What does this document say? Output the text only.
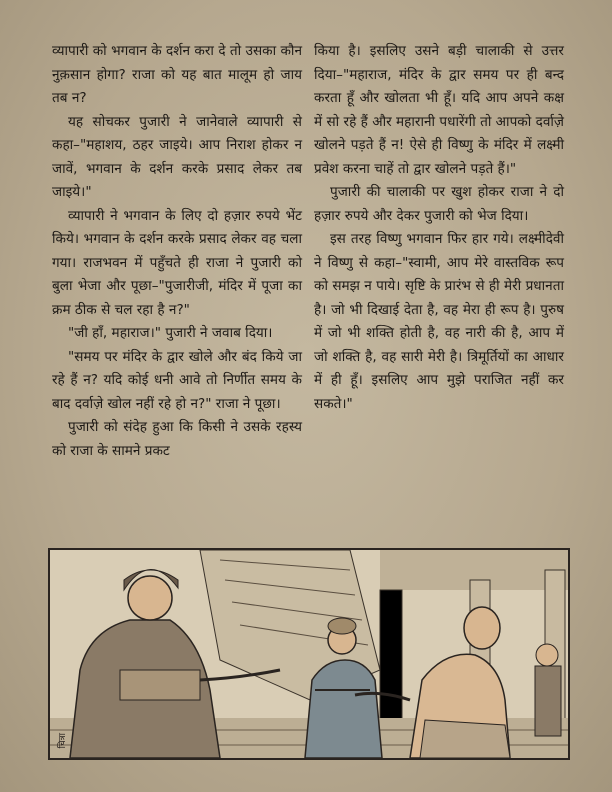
व्यापारी को भगवान के दर्शन करा दे तो उसका कौन नुक़सान होगा? राजा को यह बात मालूम हो जाय तब न?

यह सोचकर पुजारी ने जानेवाले व्यापारी से कहा–"महाशय, ठहर जाइये। आप निराश होकर न जावें, भगवान के दर्शन करके प्रसाद लेकर तब जाइये।"

व्यापारी ने भगवान के लिए दो हज़ार रुपये भेंट किये। भगवान के दर्शन करके प्रसाद लेकर वह चला गया। राजभवन में पहुँचते ही राजा ने पुजारी को बुला भेजा और पूछा–"पुजारीजी, मंदिर में पूजा का क्रम ठीक से चल रहा है न?"

"जी हाँ, महाराज।" पुजारी ने जवाब दिया।

"समय पर मंदिर के द्वार खोले और बंद किये जा रहे हैं न? यदि कोई धनी आवे तो निर्णीत समय के बाद दर्वाज़े खोल नहीं रहे हो न?" राजा ने पूछा।

पुजारी को संदेह हुआ कि किसी ने उसके रहस्य को राजा के सामने प्रकट

किया है। इसलिए उसने बड़ी चालाकी से उत्तर दिया–"महाराज, मंदिर के द्वार समय पर ही बन्द करता हूँ और खोलता भी हूँ। यदि आप अपने कक्ष में सो रहे हैं और महारानी पधारेंगी तो आपको दर्वाज़े खोलने पड़ते हैं न! ऐसे ही विष्णु के मंदिर में लक्ष्मी प्रवेश करना चाहें तो द्वार खोलने पड़ते हैं।"

पुजारी की चालाकी पर खुश होकर राजा ने दो हज़ार रुपये और देकर पुजारी को भेज दिया।

इस तरह विष्णु भगवान फिर हार गये। लक्ष्मीदेवी ने विष्णु से कहा–"स्वामी, आप मेरे वास्तविक रूप को समझ न पाये। सृष्टि के प्रारंभ से ही मेरी प्रधानता है। जो भी दिखाई देता है, वह मेरा ही रूप है। पुरुष में जो भी शक्ति होती है, वह नारी की है, आप में जो शक्ति है, वह सारी मेरी है। त्रिमूर्तियों का आधार में ही हूँ। इसलिए आप मुझे पराजित नहीं कर सकते।"

चित्रा
